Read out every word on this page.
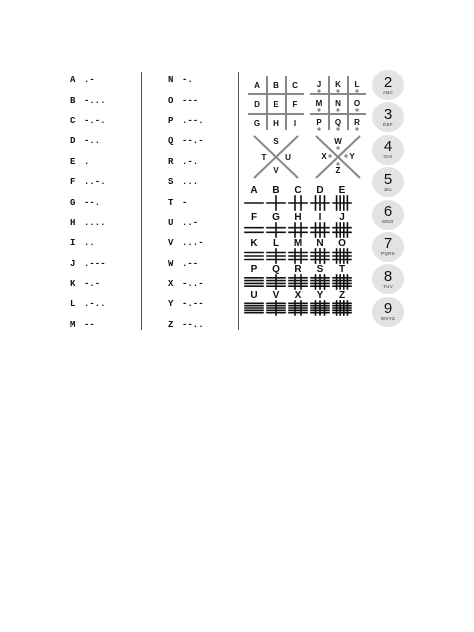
A .-
B -...
C -.-.
D -..
E .
F ..-.
G --.
H ....
I ..
J .---
K -.-
L .-..
M --
N -.
O ---
P .--.
Q --.-
R .-.
S ...
T -
U ..-
V ...-
W .--
X -..-
Y -.--
Z --..
A B C
D E F
G H I
J K L
M N O
P Q R
S
T U
V
W
X	Y
Z
A B C D E
F G H I J
K L M N O
P Q R S T
U V X Y Z
2
ABC
3
DEF
4
GHI
5
JKL
6
MNO
7
PQRS
8
TUV
9
WXYZ
